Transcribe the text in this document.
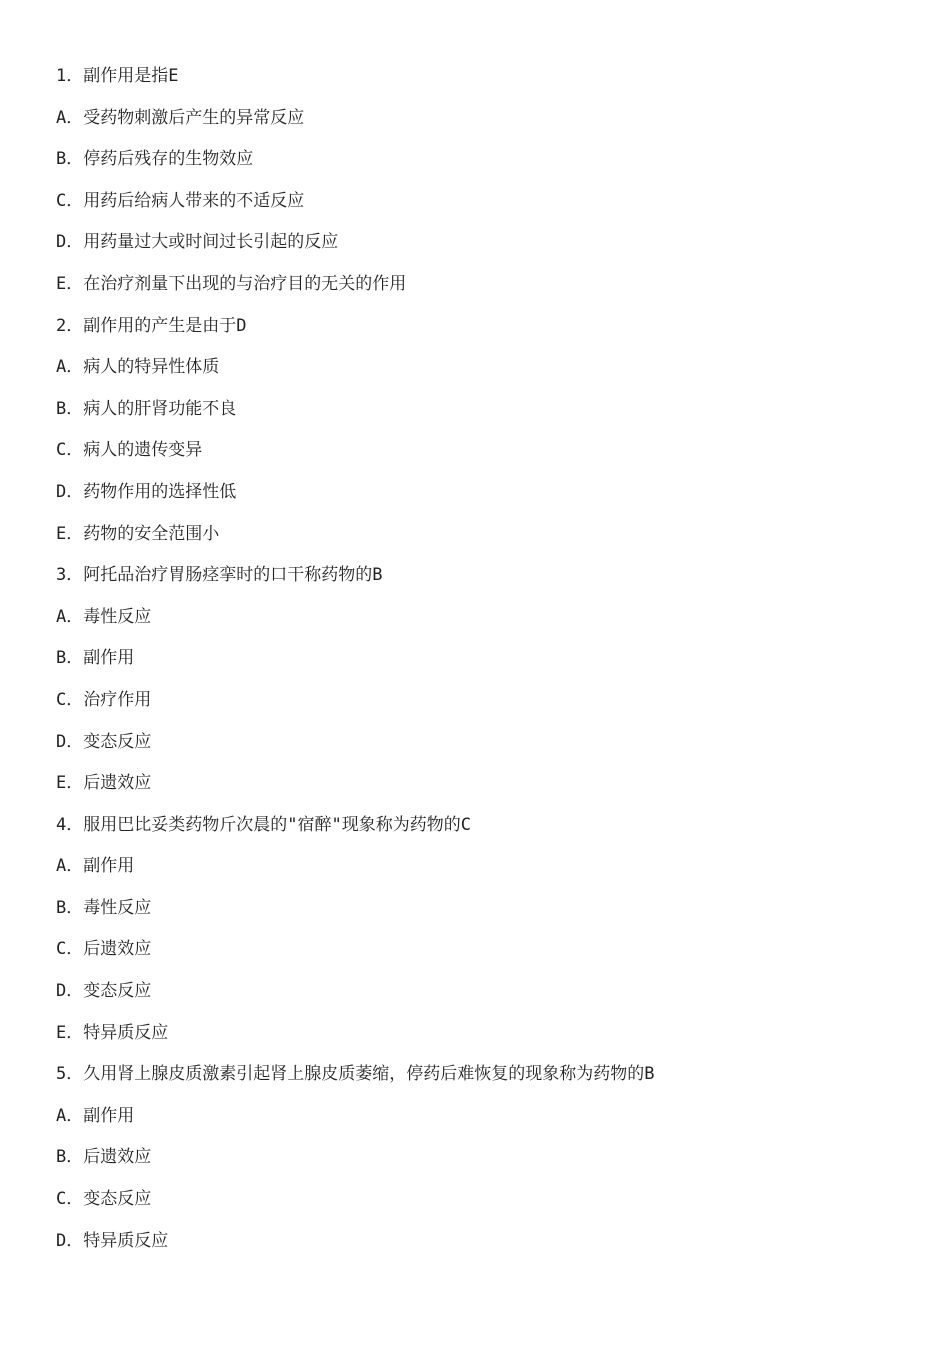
1．副作用是指E
A．受药物刺激后产生的异常反应
B．停药后残存的生物效应
C．用药后给病人带来的不适反应
D．用药量过大或时间过长引起的反应
E．在治疗剂量下出现的与治疗目的无关的作用
2．副作用的产生是由于D
A．病人的特异性体质
B．病人的肝肾功能不良
C．病人的遗传变异
D．药物作用的选择性低
E．药物的安全范围小
3．阿托品治疗胃肠痉挛时的口干称药物的B
A．毒性反应
B．副作用
C．治疗作用
D．变态反应
E．后遗效应
4．服用巴比妥类药物斤次晨的"宿醉"现象称为药物的C
A．副作用
B．毒性反应
C．后遗效应
D．变态反应
E．特异质反应
5．久用肾上腺皮质激素引起肾上腺皮质萎缩，停药后难恢复的现象称为药物的B
A．副作用
B．后遗效应
C．变态反应
D．特异质反应
